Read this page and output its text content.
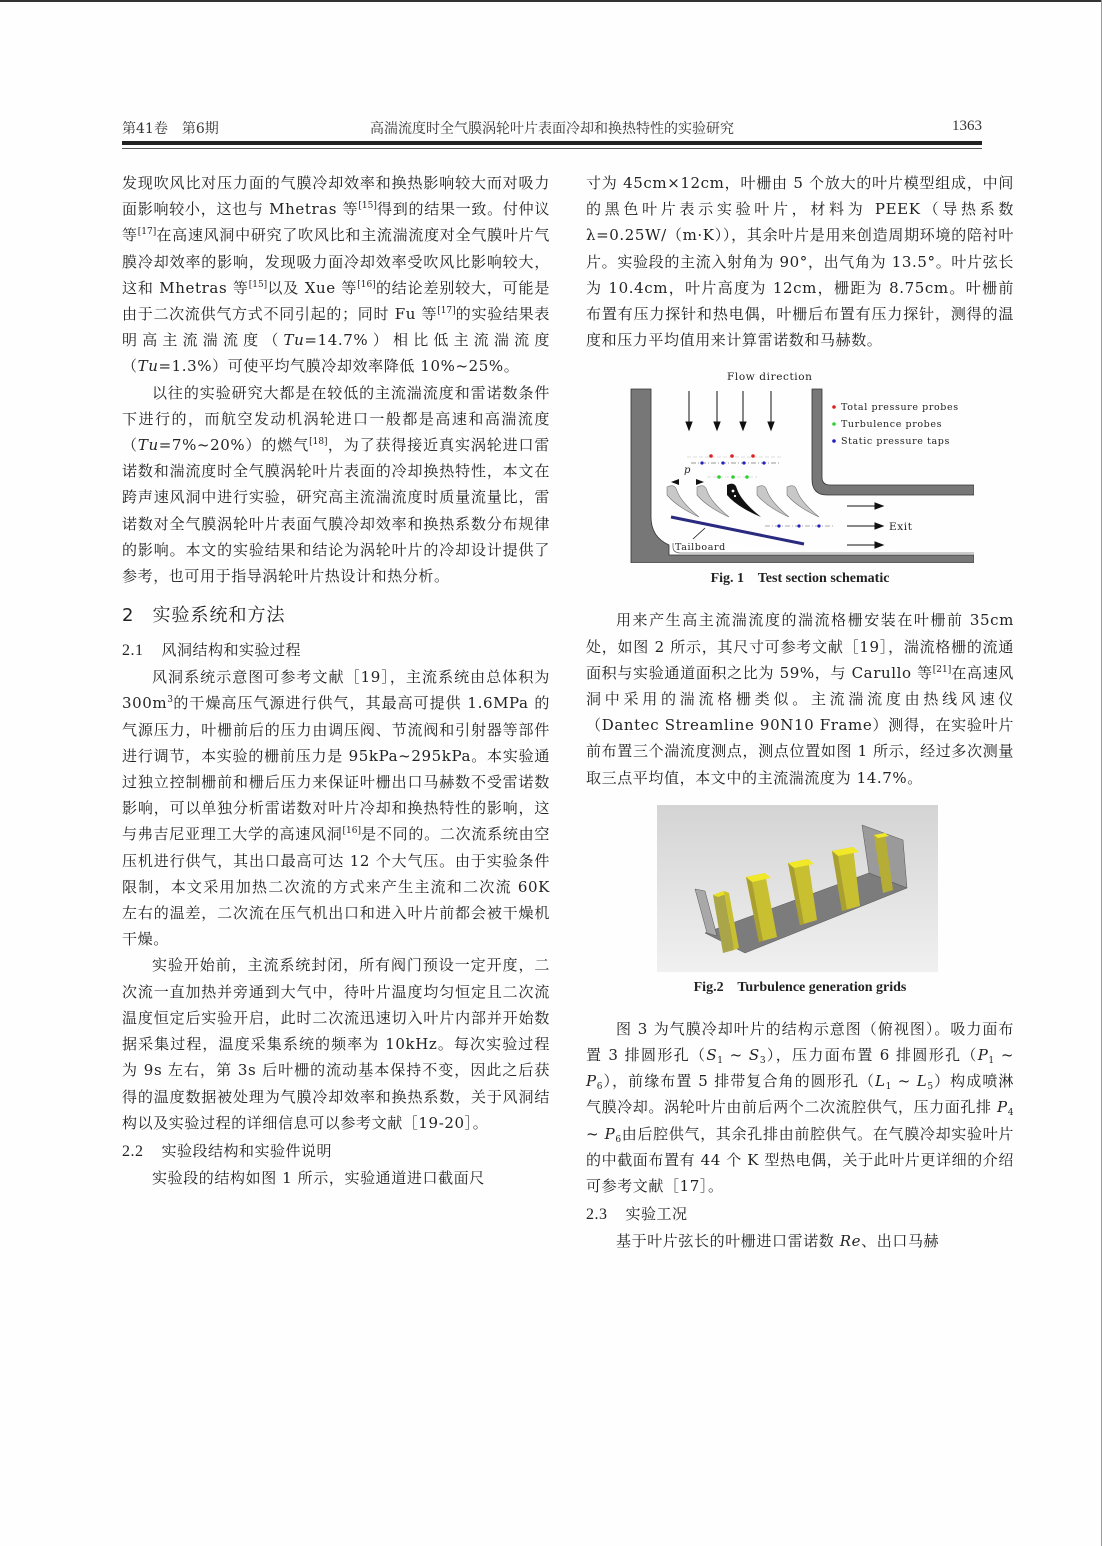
第41卷　第6期	高湍流度时全气膜涡轮叶片表面冷却和换热特性的实验研究	1363

发现吹风比对压力面的气膜冷却效率和换热影响较大而对吸力面影响较小，这也与 Mhetras 等[15]得到的结果一致。付仲议等[17]在高速风洞中研究了吹风比和主流湍流度对全气膜叶片气膜冷却效率的影响，发现吸力面冷却效率受吹风比影响较大，这和 Mhetras 等[15]以及 Xue 等[16]的结论差别较大，可能是由于二次流供气方式不同引起的；同时 Fu 等[17]的实验结果表明高主流湍流度（Tu=14.7%）相比低主流湍流度（Tu=1.3%）可使平均气膜冷却效率降低 10%~25%。

以往的实验研究大都是在较低的主流湍流度和雷诺数条件下进行的，而航空发动机涡轮进口一般都是高速和高湍流度（Tu=7%~20%）的燃气[18]，为了获得接近真实涡轮进口雷诺数和湍流度时全气膜涡轮叶片表面的冷却换热特性，本文在跨声速风洞中进行实验，研究高主流湍流度时质量流量比，雷诺数对全气膜涡轮叶片表面气膜冷却效率和换热系数分布规律的影响。本文的实验结果和结论为涡轮叶片的冷却设计提供了参考，也可用于指导涡轮叶片热设计和热分析。

2 实验系统和方法
2.1 风洞结构和实验过程

风洞系统示意图可参考文献［19］，主流系统由总体积为 $300m^3$的干燥高压气源进行供气，其最高可提供 1.6MPa 的气源压力，叶栅前后的压力由调压阀、节流阀和引射器等部件进行调节，本实验的栅前压力是 95kPa~295kPa。本实验通过独立控制栅前和栅后压力来保证叶栅出口马赫数不受雷诺数影响，可以单独分析雷诺数对叶片冷却和换热特性的影响，这与弗吉尼亚理工大学的高速风洞[16]是不同的。二次流系统由空压机进行供气，其出口最高可达 12 个大气压。由于实验条件限制，本文采用加热二次流的方式来产生主流和二次流 60K 左右的温差，二次流在压气机出口和进入叶片前都会被干燥机干燥。

实验开始前，主流系统封闭，所有阀门预设一定开度，二次流一直加热并旁通到大气中，待叶片温度均匀恒定且二次流温度恒定后实验开启，此时二次流迅速切入叶片内部并开始数据采集过程，温度采集系统的频率为 10kHz。每次实验过程为 9s 左右，第 3s 后叶栅的流动基本保持不变，因此之后获得的温度数据被处理为气膜冷却效率和换热系数，关于风洞结构以及实验过程的详细信息可以参考文献［19-20］。

2.2 实验段结构和实验件说明

实验段的结构如图 1 所示，实验通道进口截面尺

寸为 45cm×12cm，叶栅由 5 个放大的叶片模型组成，中间的黑色叶片表示实验叶片，材料为 PEEK（导热系数 λ=0.25W/（m·K）），其余叶片是用来创造周期环境的陪衬叶片。实验段的主流入射角为 90°，出气角为 13.5°。叶片弦长为 10.4cm，叶片高度为 12cm，栅距为 8.75cm。叶栅前布置有压力探针和热电偶，叶栅后布置有压力探针，测得的温度和压力平均值用来计算雷诺数和马赫数。

Flow direction
Total pressure probes
Turbulence probes
Static pressure taps
p
Tailboard
Exit
Fig. 1    Test section schematic

用来产生高主流湍流度的湍流格栅安装在叶栅前 35cm 处，如图 2 所示，其尺寸可参考文献［19］，湍流格栅的流通面积与实验通道面积之比为 59%，与 Carullo 等[21]在高速风洞中采用的湍流格栅类似。主流湍流度由热线风速仪（Dantec Streamline 90N10 Frame）测得，在实验叶片前布置三个湍流度测点，测点位置如图 1 所示，经过多次测量取三点平均值，本文中的主流湍流度为 14.7%。

Fig.2    Turbulence generation grids

图 3 为气膜冷却叶片的结构示意图（俯视图）。吸力面布置 3 排圆形孔（$S_1$ ~ $S_3$），压力面布置 6 排圆形孔（$P_1$ ~ $P_6$），前缘布置 5 排带复合角的圆形孔（$L_1$ ~ $L_5$）构成喷淋气膜冷却。涡轮叶片由前后两个二次流腔供气，压力面孔排 $P_4$ ~ $P_6$由后腔供气，其余孔排由前腔供气。在气膜冷却实验叶片的中截面布置有 44 个 K 型热电偶，关于此叶片更详细的介绍可参考文献［17］。

2.3 实验工况

基于叶片弦长的叶栅进口雷诺数 Re、出口马赫
